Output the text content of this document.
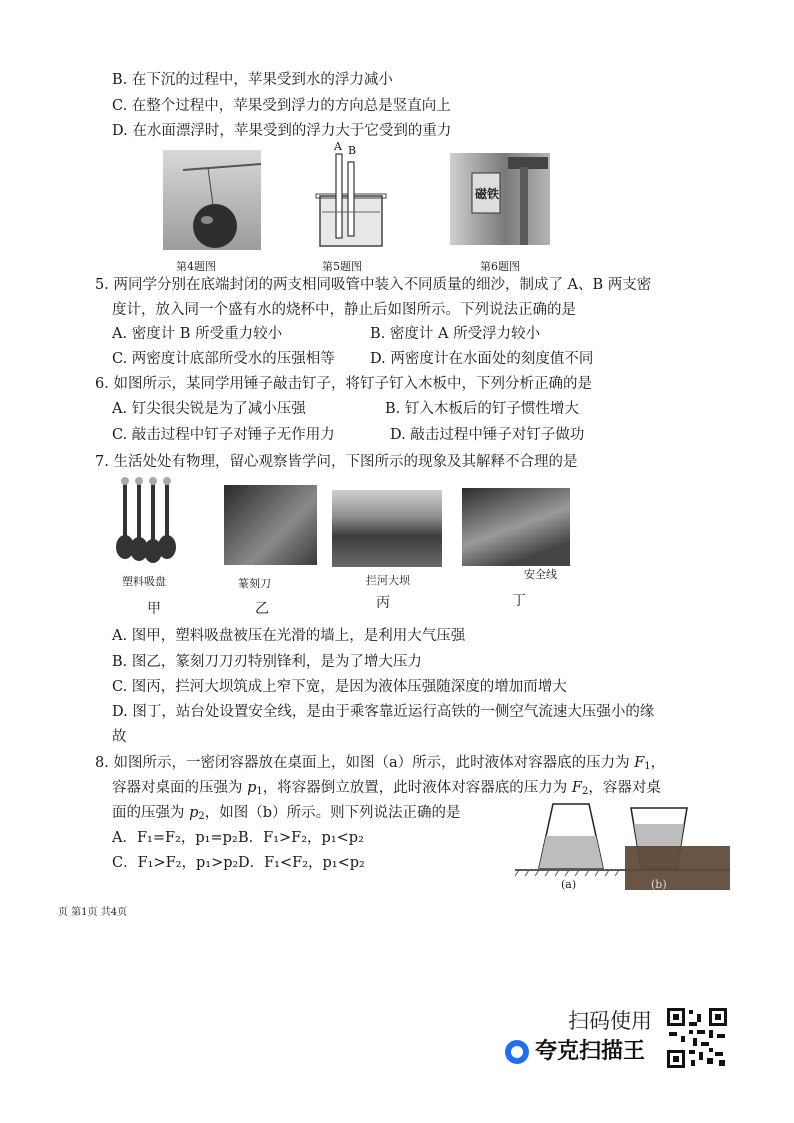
B. 在下沉的过程中，苹果受到水的浮力减小
C. 在整个过程中，苹果受到浮力的方向总是竖直向上
D. 在水面漂浮时，苹果受到的浮力大于它受到的重力
第4题图
A B
第5题图
磁铁
第6题图
5. 两同学分别在底端封闭的两支相同吸管中装入不同质量的细沙，制成了 A、B 两支密
度计，放入同一个盛有水的烧杯中，静止后如图所示。下列说法正确的是
A. 密度计 B 所受重力较小	B. 密度计 A 所受浮力较小
C. 两密度计底部所受水的压强相等 D. 两密度计在水面处的刻度值不同
6. 如图所示，某同学用锤子敲击钉子，将钉子钉入木板中，下列分析正确的是
A. 钉尖很尖锐是为了减小压强	B. 钉入木板后的钉子惯性增大
C. 敲击过程中钉子对锤子无作用力	D. 敲击过程中锤子对钉子做功
7. 生活处处有物理，留心观察皆学问，下图所示的现象及其解释不合理的是
塑料吸盘	篆刻刀	拦河大坝	安全线
甲	乙	丙	丁
A. 图甲，塑料吸盘被压在光滑的墙上，是利用大气压强
B. 图乙，篆刻刀刀刃特别锋利，是为了增大压力
C. 图丙，拦河大坝筑成上窄下宽，是因为液体压强随深度的增加而增大
D. 图丁，站台处设置安全线，是由于乘客靠近运行高铁的一侧空气流速大压强小的缘
故
8. 如图所示，一密闭容器放在桌面上，如图（a）所示，此时液体对容器底的压力为 $F_1$，
容器对桌面的压强为 $p_1$，将容器倒立放置，此时液体对容器底的压力为 $F_2$，容器对桌
面的压强为 $p_2$，如图（b）所示。则下列说法正确的是
A．F₁=F₂，p₁=p₂ B．F₁>F₂，p₁<p₂
C．F₁>F₂，p₁>p₂ D．F₁<F₂，p₁<p₂
(a)	(b)
页 第1页 共4页
扫码使用
夸克扫描王
